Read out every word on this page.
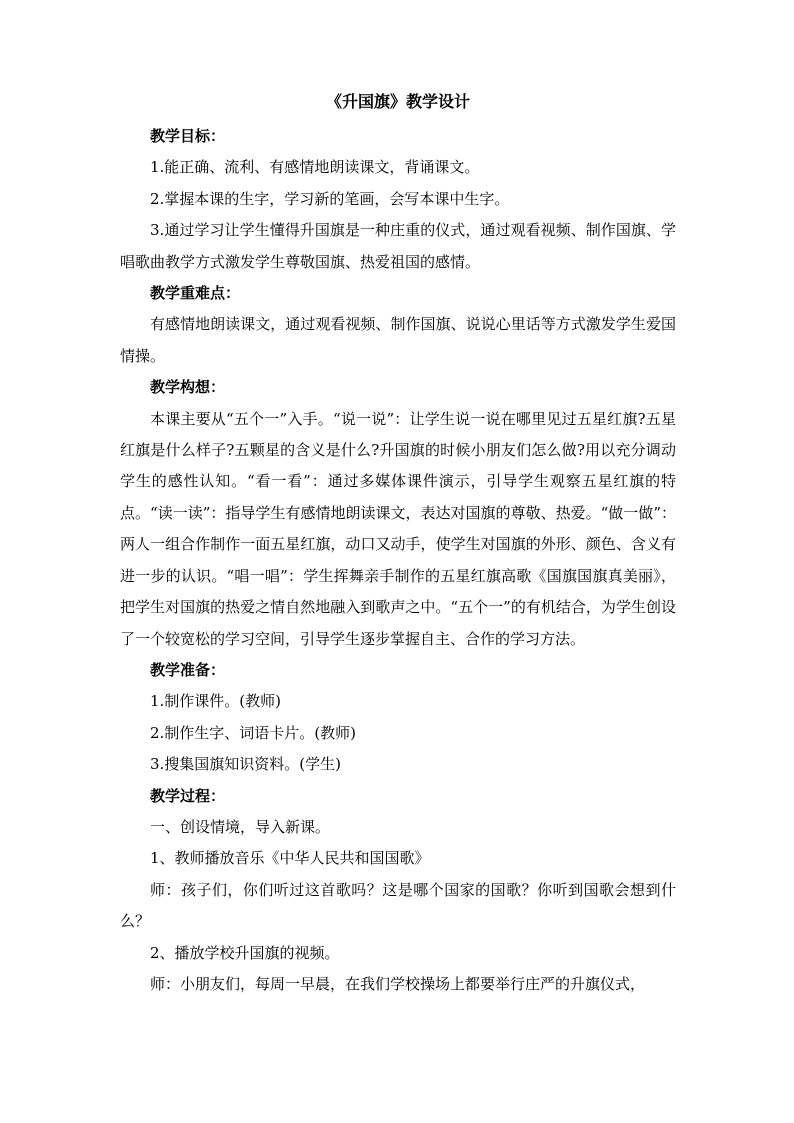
《升国旗》教学设计

教学目标：

1.能正确、流利、有感情地朗读课文，背诵课文。

2.掌握本课的生字，学习新的笔画，会写本课中生字。

3.通过学习让学生懂得升国旗是一种庄重的仪式，通过观看视频、制作国旗、学唱歌曲教学方式激发学生尊敬国旗、热爱祖国的感情。

教学重难点：

有感情地朗读课文，通过观看视频、制作国旗、说说心里话等方式激发学生爱国情操。

教学构想：

本课主要从“五个一”入手。“说一说”：让学生说一说在哪里见过五星红旗?五星红旗是什么样子?五颗星的含义是什么?升国旗的时候小朋友们怎么做?用以充分调动学生的感性认知。“看一看”：通过多媒体课件演示，引导学生观察五星红旗的特点。“读一读”：指导学生有感情地朗读课文，表达对国旗的尊敬、热爱。“做一做”：两人一组合作制作一面五星红旗，动口又动手，使学生对国旗的外形、颜色、含义有进一步的认识。“唱一唱”：学生挥舞亲手制作的五星红旗高歌《国旗国旗真美丽》，把学生对国旗的热爱之情自然地融入到歌声之中。“五个一”的有机结合，为学生创设了一个较宽松的学习空间，引导学生逐步掌握自主、合作的学习方法。

教学准备：

1.制作课件。(教师)

2.制作生字、词语卡片。(教师)

3.搜集国旗知识资料。(学生)

教学过程：

一、创设情境，导入新课。

1、教师播放音乐《中华人民共和国国歌》

师：孩子们，你们听过这首歌吗？这是哪个国家的国歌？你听到国歌会想到什么？

2、播放学校升国旗的视频。

师：小朋友们，每周一早晨，在我们学校操场上都要举行庄严的升旗仪式，
